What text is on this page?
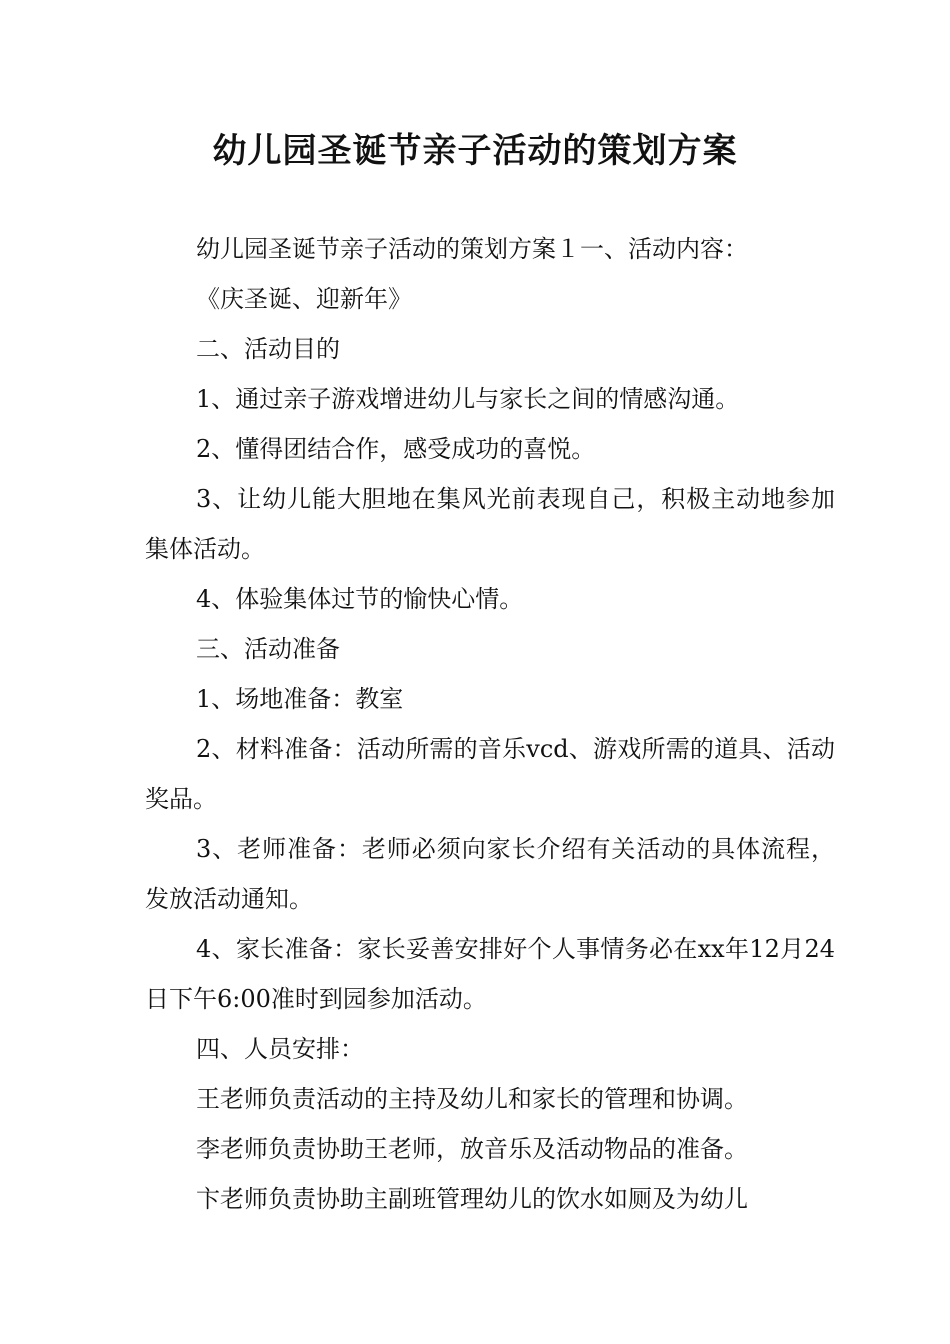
幼儿园圣诞节亲子活动的策划方案

幼儿园圣诞节亲子活动的策划方案１一、活动内容：

《庆圣诞、迎新年》

二、活动目的

1、通过亲子游戏增进幼儿与家长之间的情感沟通。

2、懂得团结合作，感受成功的喜悦。

3、让幼儿能大胆地在集风光前表现自己，积极主动地参加集体活动。

4、体验集体过节的愉快心情。

三、活动准备

1、场地准备：教室

2、材料准备：活动所需的音乐vcd、游戏所需的道具、活动奖品。

3、老师准备：老师必须向家长介绍有关活动的具体流程，发放活动通知。

4、家长准备：家长妥善安排好个人事情务必在xx年12月24日下午6:00准时到园参加活动。

四、人员安排：

王老师负责活动的主持及幼儿和家长的管理和协调。

李老师负责协助王老师，放音乐及活动物品的准备。

卞老师负责协助主副班管理幼儿的饮水如厕及为幼儿
